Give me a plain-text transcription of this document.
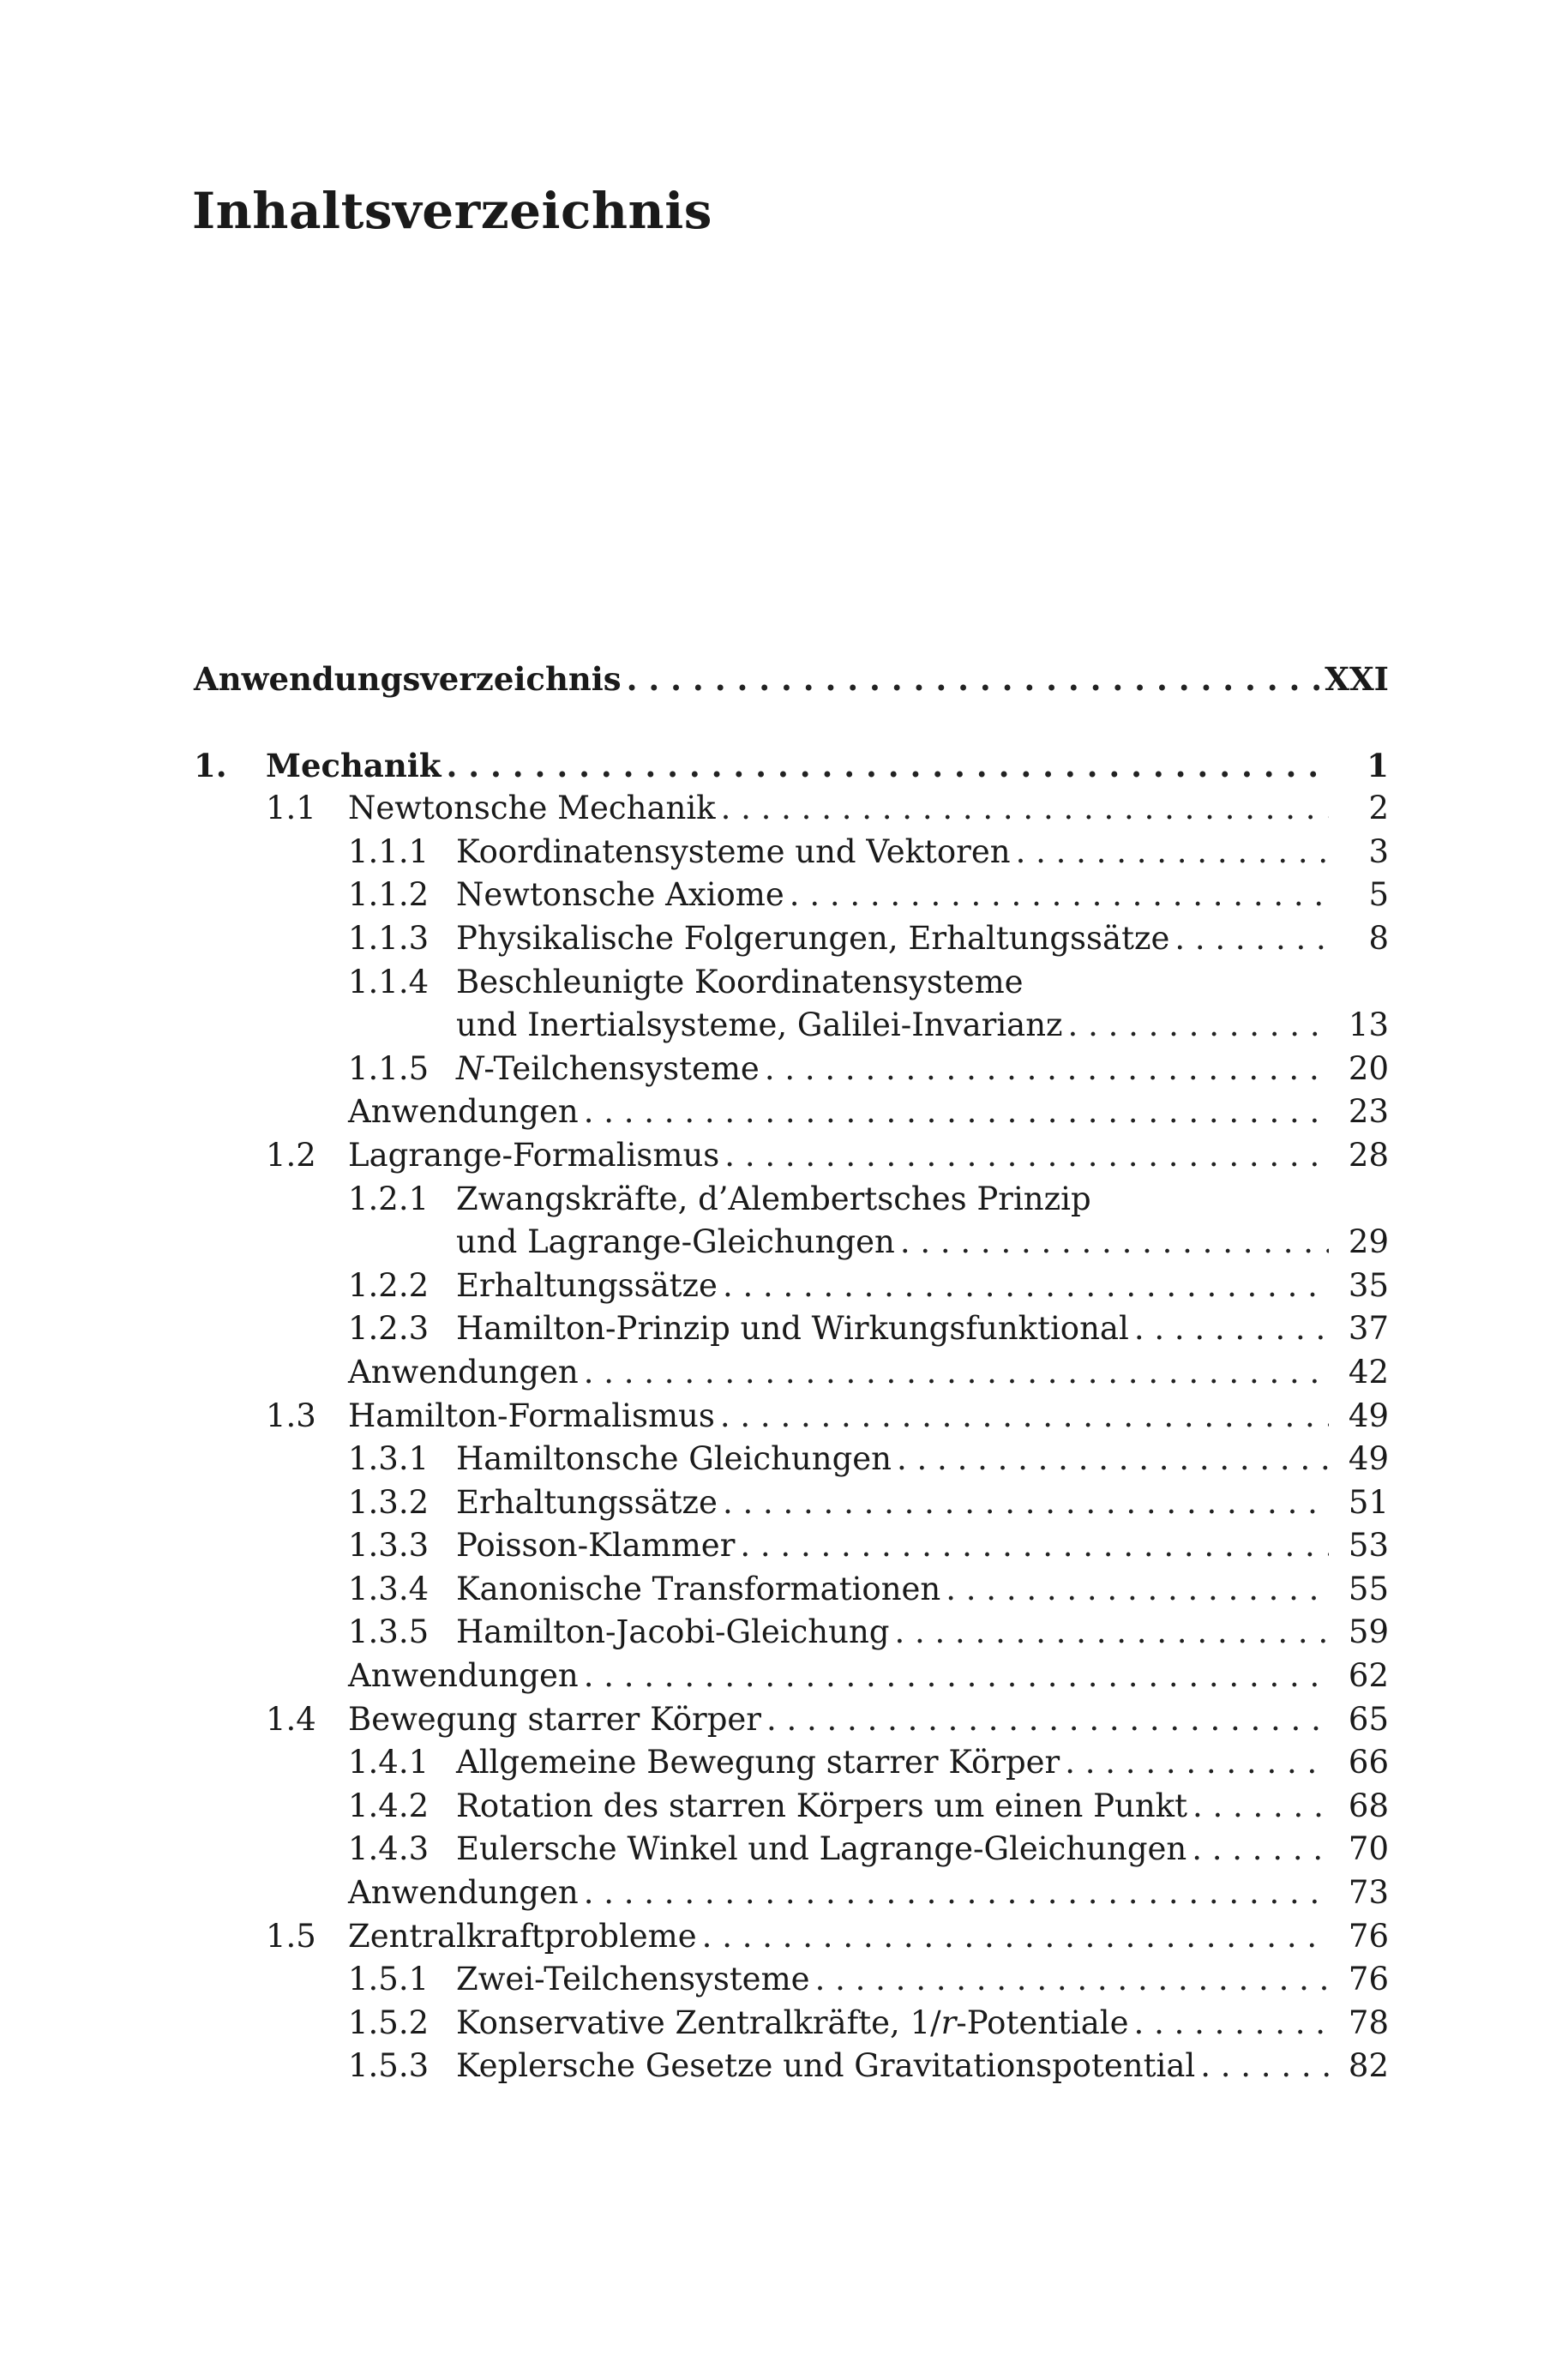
Inhaltsverzeichnis
Anwendungsverzeichnis . . .	XXI
1. Mechanik . . .	1
1.1 Newtonsche Mechanik . . .	2
1.1.1 Koordinatensysteme und Vektoren . . .	3
1.1.2 Newtonsche Axiome . . .	5
1.1.3 Physikalische Folgerungen, Erhaltungssätze . . .	8
1.1.4 Beschleunigte Koordinatensysteme
und Inertialsysteme, Galilei-Invarianz . . .	13
1.1.5 N-Teilchensysteme . . .	20
Anwendungen . . .	23
1.2 Lagrange-Formalismus . . .	28
1.2.1 Zwangskräfte, d’Alembertsches Prinzip
und Lagrange-Gleichungen . . .	29
1.2.2 Erhaltungssätze . . .	35
1.2.3 Hamilton-Prinzip und Wirkungsfunktional . . .	37
Anwendungen . . .	42
1.3 Hamilton-Formalismus . . .	49
1.3.1 Hamiltonsche Gleichungen . . .	49
1.3.2 Erhaltungssätze . . .	51
1.3.3 Poisson-Klammer . . .	53
1.3.4 Kanonische Transformationen . . .	55
1.3.5 Hamilton-Jacobi-Gleichung . . .	59
Anwendungen . . .	62
1.4 Bewegung starrer Körper . . .	65
1.4.1 Allgemeine Bewegung starrer Körper . . .	66
1.4.2 Rotation des starren Körpers um einen Punkt . . .	68
1.4.3 Eulersche Winkel und Lagrange-Gleichungen . . .	70
Anwendungen . . .	73
1.5 Zentralkraftprobleme . . .	76
1.5.1 Zwei-Teilchensysteme . . .	76
1.5.2 Konservative Zentralkräfte, 1/r-Potentiale . . .	78
1.5.3 Keplersche Gesetze und Gravitationspotential . . .	82
